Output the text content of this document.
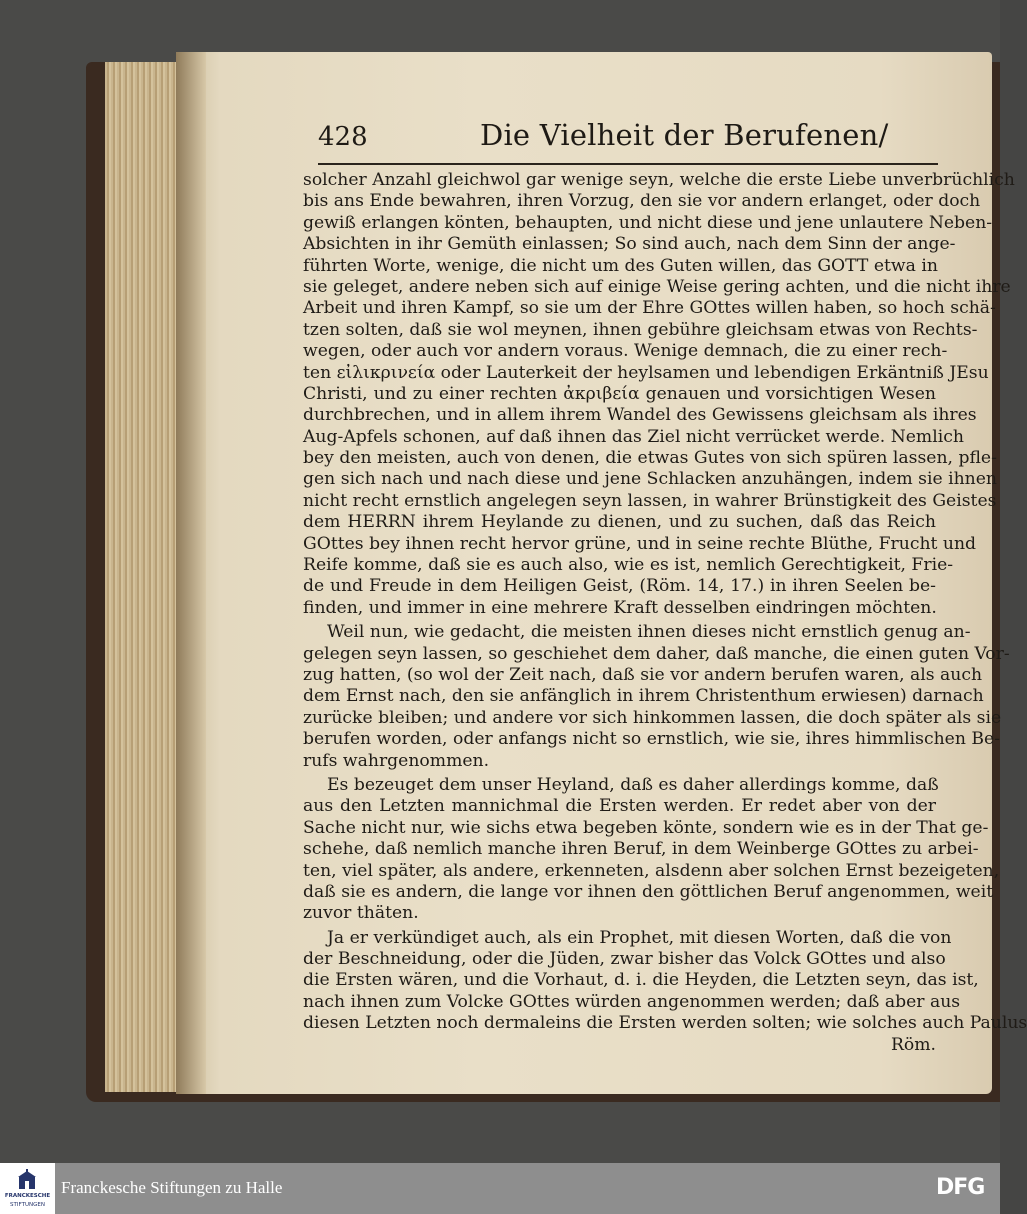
428	Die Vielheit der Berufenen/
solcher Anzahl gleichwol gar wenige seyn, welche die erste Liebe unverbrüchlich
bis ans Ende bewahren, ihren Vorzug, den sie vor andern erlanget, oder doch
gewiß erlangen könten, behaupten, und nicht diese und jene unlautere Neben-
Absichten in ihr Gemüth einlassen; So sind auch, nach dem Sinn der ange-
führten Worte, wenige, die nicht um des Guten willen, das GOTT etwa in
sie geleget, andere neben sich auf einige Weise gering achten, und die nicht ihre
Arbeit und ihren Kampf, so sie um der Ehre GOttes willen haben, so hoch schä-
tzen solten, daß sie wol meynen, ihnen gebühre gleichsam etwas von Rechts-
wegen, oder auch vor andern voraus. Wenige demnach, die zu einer rech-
ten εἰλικρινεία oder Lauterkeit der heylsamen und lebendigen Erkäntniß JEsu
Christi, und zu einer rechten ἀκριβεία genauen und vorsichtigen Wesen
durchbrechen, und in allem ihrem Wandel des Gewissens gleichsam als ihres
Aug-Apfels schonen, auf daß ihnen das Ziel nicht verrücket werde. Nemlich
bey den meisten, auch von denen, die etwas Gutes von sich spüren lassen, pfle-
gen sich nach und nach diese und jene Schlacken anzuhängen, indem sie ihnen
nicht recht ernstlich angelegen seyn lassen, in wahrer Brünstigkeit des Geistes
dem HERRN ihrem Heylande zu dienen, und zu suchen, daß das Reich
GOttes bey ihnen recht hervor grüne, und in seine rechte Blüthe, Frucht und
Reife komme, daß sie es auch also, wie es ist, nemlich Gerechtigkeit, Frie-
de und Freude in dem Heiligen Geist, (Röm. 14, 17.) in ihren Seelen be-
finden, und immer in eine mehrere Kraft desselben eindringen möchten.
Weil nun, wie gedacht, die meisten ihnen dieses nicht ernstlich genug an-
gelegen seyn lassen, so geschiehet dem daher, daß manche, die einen guten Vor-
zug hatten, (so wol der Zeit nach, daß sie vor andern berufen waren, als auch
dem Ernst nach, den sie anfänglich in ihrem Christenthum erwiesen) darnach
zurücke bleiben; und andere vor sich hinkommen lassen, die doch später als sie
berufen worden, oder anfangs nicht so ernstlich, wie sie, ihres himmlischen Be-
rufs wahrgenommen.
Es bezeuget dem unser Heyland, daß es daher allerdings komme, daß
aus den Letzten mannichmal die Ersten werden. Er redet aber von der
Sache nicht nur, wie sichs etwa begeben könte, sondern wie es in der That ge-
schehe, daß nemlich manche ihren Beruf, in dem Weinberge GOttes zu arbei-
ten, viel später, als andere, erkenneten, alsdenn aber solchen Ernst bezeigeten,
daß sie es andern, die lange vor ihnen den göttlichen Beruf angenommen, weit
zuvor thäten.
Ja er verkündiget auch, als ein Prophet, mit diesen Worten, daß die von
der Beschneidung, oder die Jüden, zwar bisher das Volck GOttes und also
die Ersten wären, und die Vorhaut, d. i. die Heyden, die Letzten seyn, das ist,
nach ihnen zum Volcke GOttes würden angenommen werden; daß aber aus
diesen Letzten noch dermaleins die Ersten werden solten; wie solches auch Paulus
Röm.
FRANCKESCHE
STIFTUNGEN
Franckesche Stiftungen zu Halle	DFG
